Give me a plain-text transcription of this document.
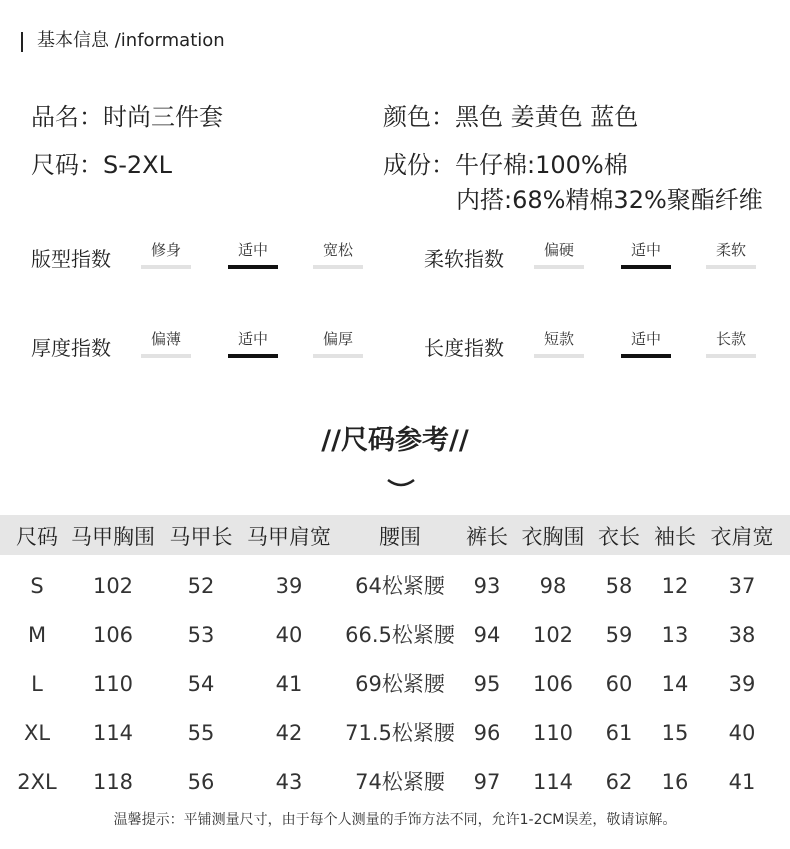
基本信息 /information
品名：时尚三件套
尺码：S-2XL
颜色：黑色 姜黄色 蓝色
成份：牛仔棉:100%棉
内搭:68%精棉32%聚酯纤维
版型指数	修身	适中	宽松	柔软指数	偏硬	适中	柔软
厚度指数	偏薄	适中	偏厚	长度指数	短款	适中	长款
//尺码参考//
尺码 马甲胸围 马甲长 马甲肩宽 腰围 裤长 衣胸围 衣长 袖长 衣肩宽
S 102	52	39	64松紧腰 93 98 58 12 37
M 106	53	40 66.5松紧腰 94 102 59 13 38
L 110	54	41	69松紧腰 95 106 60 14 39
XL 114	55	42 71.5松紧腰 96 110 61 15 40
2XL 118	56	43	74松紧腰 97 114 62 16 41
温馨提示：平铺测量尺寸，由于每个人测量的手饰方法不同，允许1-2CM误差，敬请谅解。
